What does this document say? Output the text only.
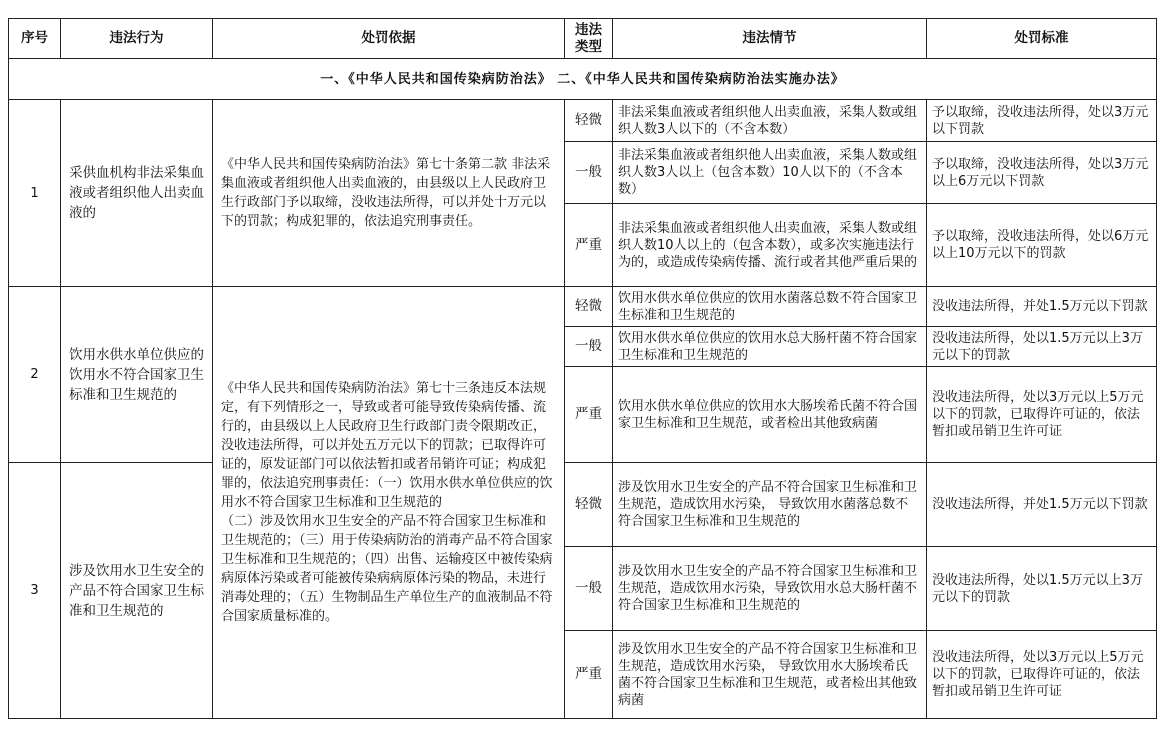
序号	违法行为	处罚依据	违法类型	违法情节	处罚标准
一、《中华人民共和国传染病防治法》 二、《中华人民共和国传染病防治法实施办法》					
1	采供血机构非法采集血液或者组织他人出卖血液的	《中华人民共和国传染病防治法》第七十条第二款 非法采集血液或者组织他人出卖血液的，由县级以上人民政府卫生行政部门予以取缔，没收违法所得，可以并处十万元以下的罚款；构成犯罪的，依法追究刑事责任。	轻微	非法采集血液或者组织他人出卖血液，采集人数或组织人数3人以下的（不含本数）	予以取缔，没收违法所得，处以3万元以下罚款
			一般	非法采集血液或者组织他人出卖血液，采集人数或组织人数3人以上（包含本数）10人以下的（不含本数）	予以取缔，没收违法所得，处以3万元以上6万元以下罚款
			严重	非法采集血液或者组织他人出卖血液，采集人数或组织人数10人以上的（包含本数），或多次实施违法行为的，或造成传染病传播、流行或者其他严重后果的	予以取缔，没收违法所得，处以6万元以上10万元以下的罚款
2	饮用水供水单位供应的饮用水不符合国家卫生标准和卫生规范的	《中华人民共和国传染病防治法》第七十三条违反本法规定，有下列情形之一，导致或者可能导致传染病传播、流行的，由县级以上人民政府卫生行政部门责令限期改正，没收违法所得，可以并处五万元以下的罚款；已取得许可证的，原发证部门可以依法暂扣或者吊销许可证；构成犯罪的，依法追究刑事责任：（一）饮用水供水单位供应的饮用水不符合国家卫生标准和卫生规范的
（二）涉及饮用水卫生安全的产品不符合国家卫生标准和卫生规范的；（三）用于传染病防治的消毒产品不符合国家卫生标准和卫生规范的；（四）出售、运输疫区中被传染病病原体污染或者可能被传染病病原体污染的物品，未进行消毒处理的；（五）生物制品生产单位生产的血液制品不符合国家质量标准的。	轻微	饮用水供水单位供应的饮用水菌落总数不符合国家卫生标准和卫生规范的	没收违法所得，并处1.5万元以下罚款
			一般	饮用水供水单位供应的饮用水总大肠杆菌不符合国家卫生标准和卫生规范的	没收违法所得，处以1.5万元以上3万元以下的罚款
			严重	饮用水供水单位供应的饮用水大肠埃希氏菌不符合国家卫生标准和卫生规范，或者检出其他致病菌	没收违法所得，处以3万元以上5万元以下的罚款，已取得许可证的，依法暂扣或吊销卫生许可证
3	涉及饮用水卫生安全的产品不符合国家卫生标准和卫生规范的		轻微	涉及饮用水卫生安全的产品不符合国家卫生标准和卫生规范，造成饮用水污染， 导致饮用水菌落总数不符合国家卫生标准和卫生规范的	没收违法所得，并处1.5万元以下罚款
			一般	涉及饮用水卫生安全的产品不符合国家卫生标准和卫生规范，造成饮用水污染，导致饮用水总大肠杆菌不符合国家卫生标准和卫生规范的	没收违法所得，处以1.5万元以上3万元以下的罚款
			严重	涉及饮用水卫生安全的产品不符合国家卫生标准和卫生规范，造成饮用水污染， 导致饮用水大肠埃希氏菌不符合国家卫生标准和卫生规范，或者检出其他致病菌	没收违法所得，处以3万元以上5万元以下的罚款，已取得许可证的，依法暂扣或吊销卫生许可证
